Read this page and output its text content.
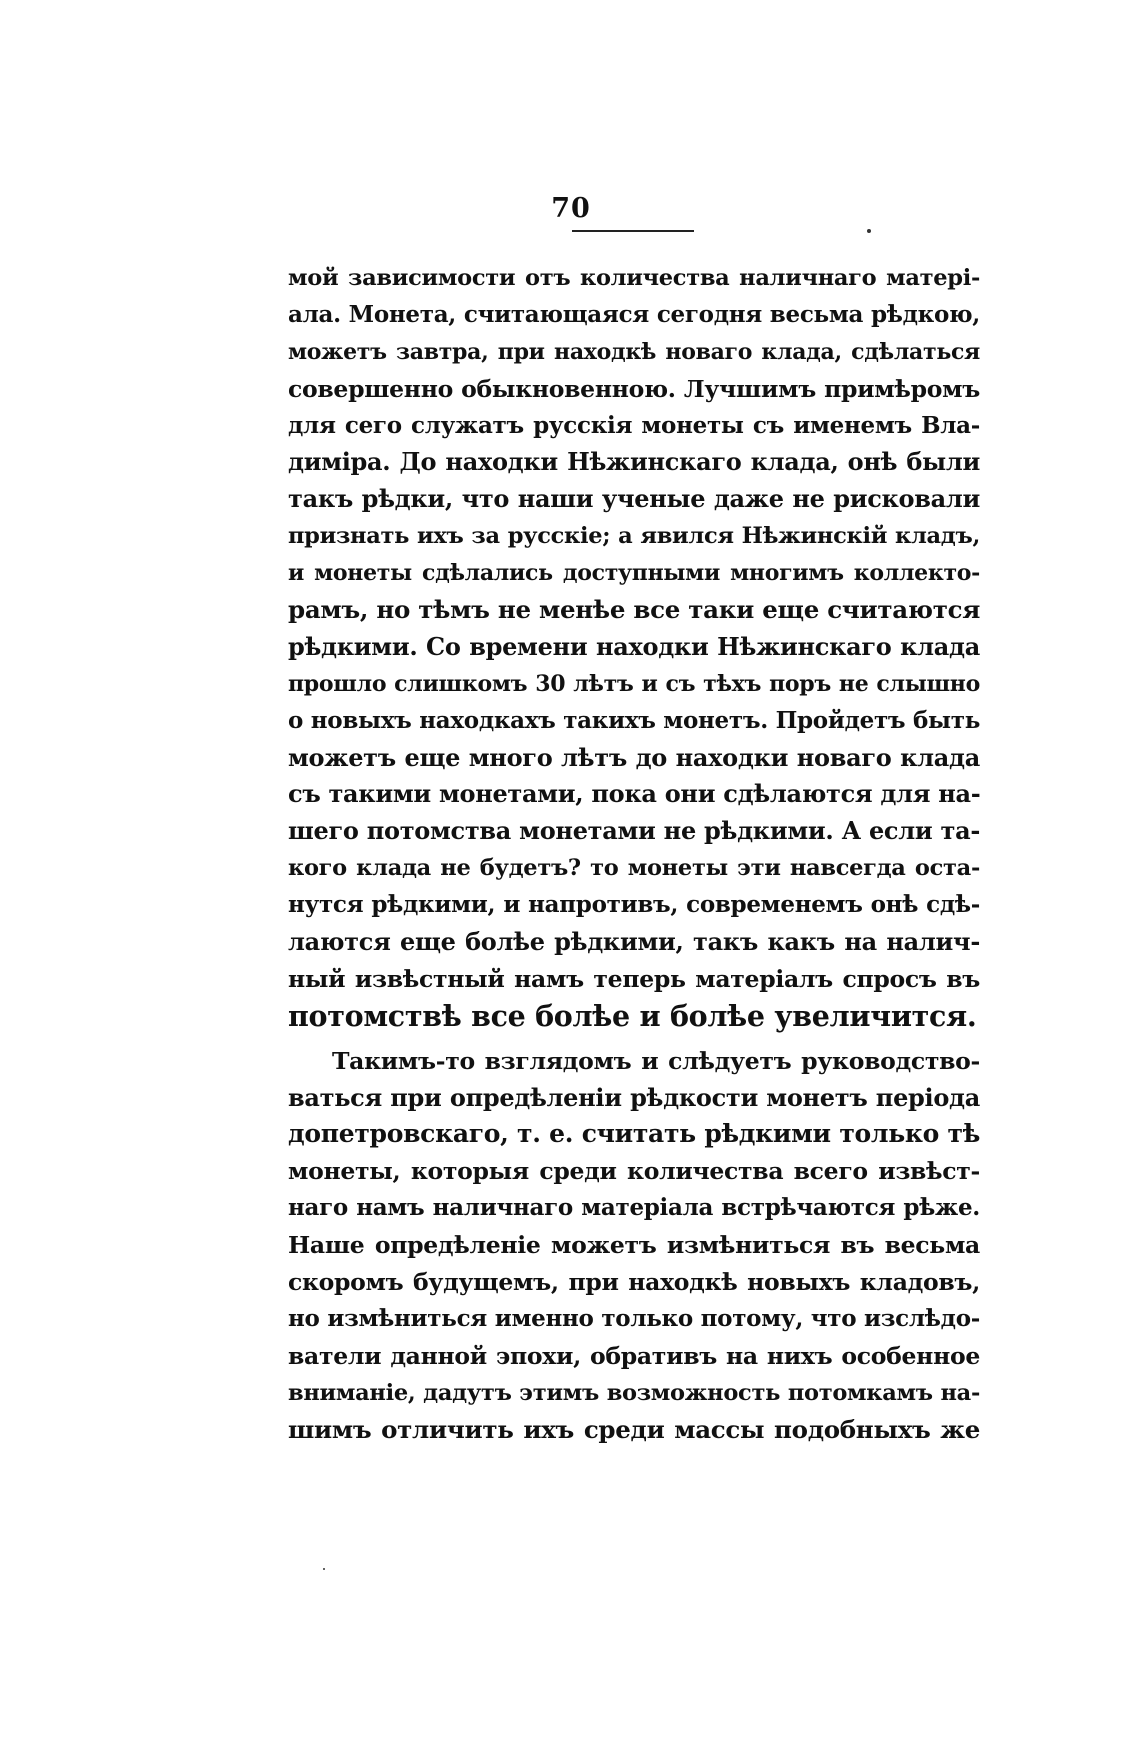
70
мой зависимости отъ количества наличнаго матері-
ала. Монета, считающаяся сегодня весьма рѣдкою,
можетъ завтра, при находкѣ новаго клада, сдѣлаться
совершенно обыкновенною. Лучшимъ примѣромъ
для сего служатъ русскія монеты съ именемъ Вла-
диміра. До находки Нѣжинскаго клада, онѣ были
такъ рѣдки, что наши ученые даже не рисковали
признать ихъ за русскіе; а явился Нѣжинскій кладъ,
и монеты сдѣлались доступными многимъ коллекто-
рамъ, но тѣмъ не менѣе все таки еще считаются
рѣдкими. Со времени находки Нѣжинскаго клада
прошло слишкомъ 30 лѣтъ и съ тѣхъ поръ не слышно
о новыхъ находкахъ такихъ монетъ. Пройдетъ быть
можетъ еще много лѣтъ до находки новаго клада
съ такими монетами, пока они сдѣлаются для на-
шего потомства монетами не рѣдкими. А если та-
кого клада не будетъ? то монеты эти навсегда оста-
нутся рѣдкими, и напротивъ, современемъ онѣ сдѣ-
лаются еще болѣе рѣдкими, такъ какъ на налич-
ный извѣстный намъ теперь матеріалъ спросъ въ
потомствѣ все болѣе и болѣе увеличится.
Такимъ-то взглядомъ и слѣдуетъ руководство-
ваться при опредѣленіи рѣдкости монетъ періода
допетровскаго, т. е. считать рѣдкими только тѣ
монеты, которыя среди количества всего извѣст-
наго намъ наличнаго матеріала встрѣчаются рѣже.
Наше опредѣленіе можетъ измѣниться въ весьма
скоромъ будущемъ, при находкѣ новыхъ кладовъ,
но измѣниться именно только потому, что изслѣдо-
ватели данной эпохи, обративъ на нихъ особенное
вниманіе, дадутъ этимъ возможность потомкамъ на-
шимъ отличить ихъ среди массы подобныхъ же
